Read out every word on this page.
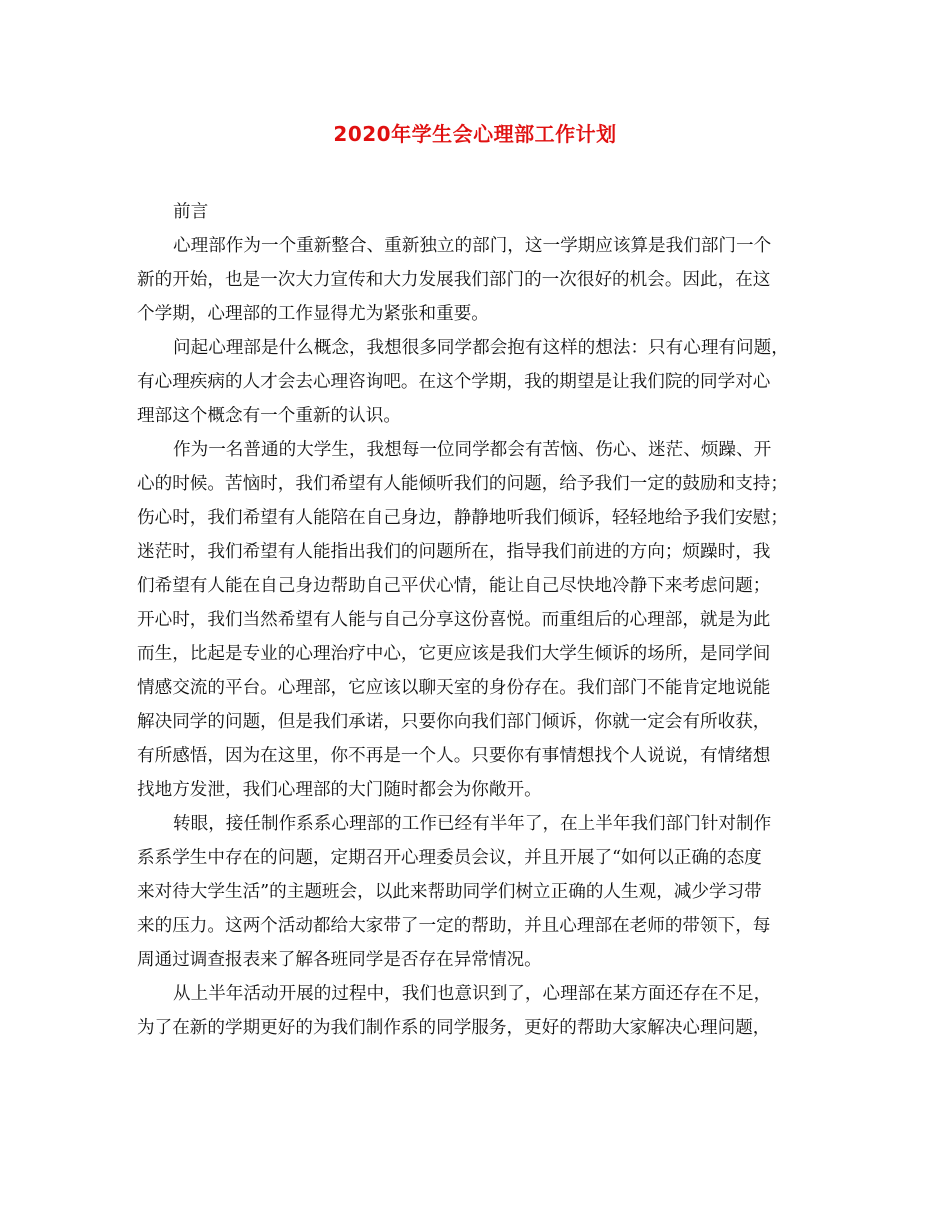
2020年学生会心理部工作计划
前言
心理部作为一个重新整合、重新独立的部门，这一学期应该算是我们部门一个
新的开始，也是一次大力宣传和大力发展我们部门的一次很好的机会。因此，在这
个学期，心理部的工作显得尤为紧张和重要。
问起心理部是什么概念，我想很多同学都会抱有这样的想法：只有心理有问题，
有心理疾病的人才会去心理咨询吧。在这个学期，我的期望是让我们院的同学对心
理部这个概念有一个重新的认识。
作为一名普通的大学生，我想每一位同学都会有苦恼、伤心、迷茫、烦躁、开
心的时候。苦恼时，我们希望有人能倾听我们的问题，给予我们一定的鼓励和支持；
伤心时，我们希望有人能陪在自己身边，静静地听我们倾诉，轻轻地给予我们安慰；
迷茫时，我们希望有人能指出我们的问题所在，指导我们前进的方向；烦躁时，我
们希望有人能在自己身边帮助自己平伏心情，能让自己尽快地冷静下来考虑问题；
开心时，我们当然希望有人能与自己分享这份喜悦。而重组后的心理部，就是为此
而生，比起是专业的心理治疗中心，它更应该是我们大学生倾诉的场所，是同学间
情感交流的平台。心理部，它应该以聊天室的身份存在。我们部门不能肯定地说能
解决同学的问题，但是我们承诺，只要你向我们部门倾诉，你就一定会有所收获，
有所感悟，因为在这里，你不再是一个人。只要你有事情想找个人说说，有情绪想
找地方发泄，我们心理部的大门随时都会为你敞开。
转眼，接任制作系系心理部的工作已经有半年了，在上半年我们部门针对制作
系系学生中存在的问题，定期召开心理委员会议，并且开展了“如何以正确的态度
来对待大学生活”的主题班会，以此来帮助同学们树立正确的人生观，减少学习带
来的压力。这两个活动都给大家带了一定的帮助，并且心理部在老师的带领下，每
周通过调查报表来了解各班同学是否存在异常情况。
从上半年活动开展的过程中，我们也意识到了，心理部在某方面还存在不足，
为了在新的学期更好的为我们制作系的同学服务，更好的帮助大家解决心理问题，
